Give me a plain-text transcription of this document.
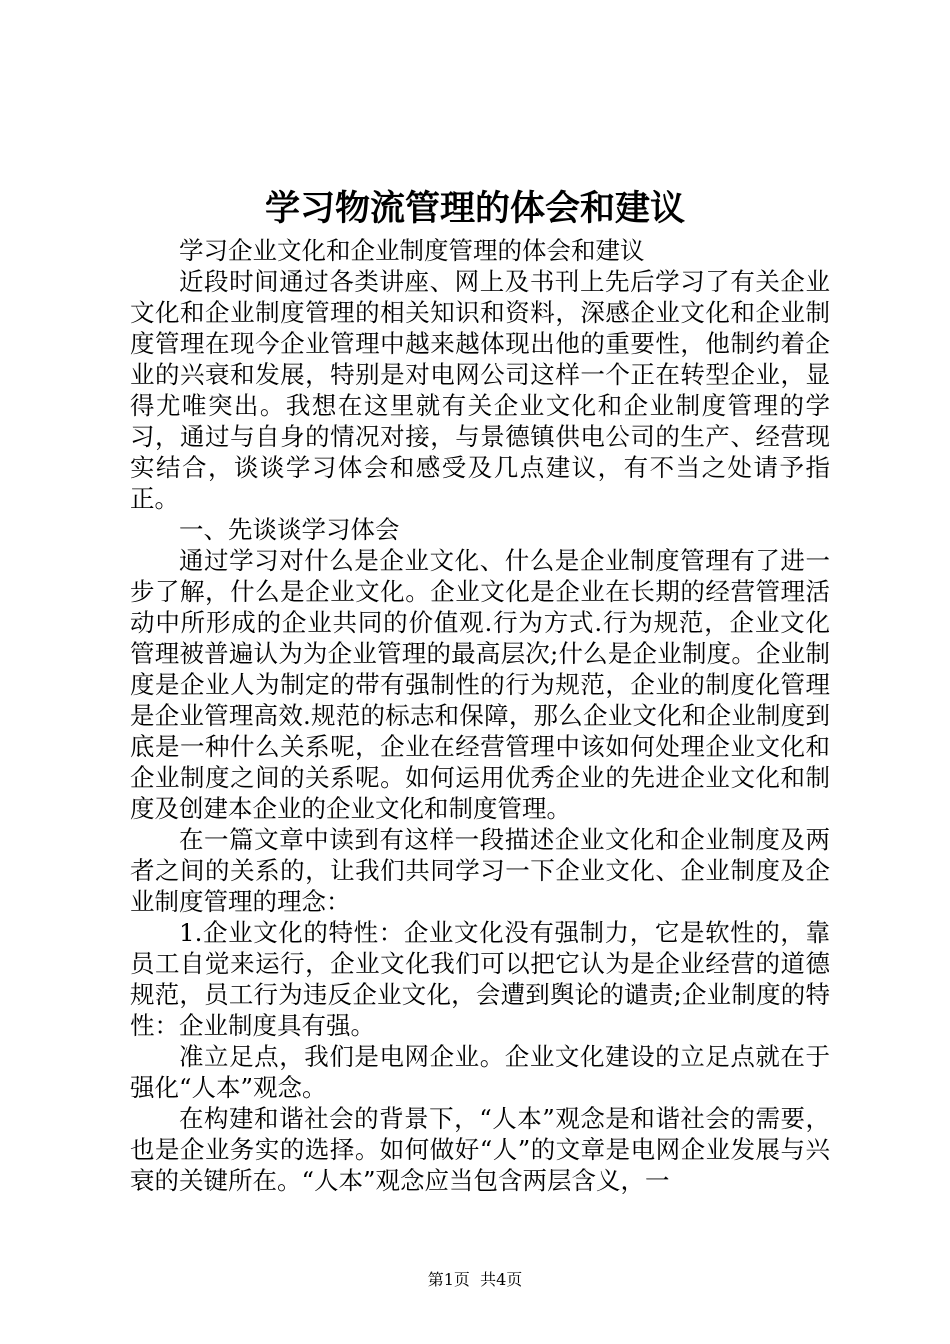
学习物流管理的体会和建议

学习企业文化和企业制度管理的体会和建议

近段时间通过各类讲座、网上及书刊上先后学习了有关企业文化和企业制度管理的相关知识和资料，深感企业文化和企业制度管理在现今企业管理中越来越体现出他的重要性，他制约着企业的兴衰和发展，特别是对电网公司这样一个正在转型企业，显得尤唯突出。我想在这里就有关企业文化和企业制度管理的学习，通过与自身的情况对接，与景德镇供电公司的生产、经营现实结合，谈谈学习体会和感受及几点建议，有不当之处请予指正。

一、先谈谈学习体会

通过学习对什么是企业文化、什么是企业制度管理有了进一步了解，什么是企业文化。企业文化是企业在长期的经营管理活动中所形成的企业共同的价值观.行为方式.行为规范，企业文化管理被普遍认为为企业管理的最高层次;什么是企业制度。企业制度是企业人为制定的带有强制性的行为规范，企业的制度化管理是企业管理高效.规范的标志和保障，那么企业文化和企业制度到底是一种什么关系呢，企业在经营管理中该如何处理企业文化和企业制度之间的关系呢。如何运用优秀企业的先进企业文化和制度及创建本企业的企业文化和制度管理。

在一篇文章中读到有这样一段描述企业文化和企业制度及两者之间的关系的，让我们共同学习一下企业文化、企业制度及企业制度管理的理念：

1.企业文化的特性：企业文化没有强制力，它是软性的，靠员工自觉来运行，企业文化我们可以把它认为是企业经营的道德规范，员工行为违反企业文化，会遭到舆论的谴责;企业制度的特性：企业制度具有强。

准立足点，我们是电网企业。企业文化建设的立足点就在于强化“人本”观念。

在构建和谐社会的背景下，“人本”观念是和谐社会的需要，也是企业务实的选择。如何做好“人”的文章是电网企业发展与兴衰的关键所在。“人本”观念应当包含两层含义，一

第1页 共4页
